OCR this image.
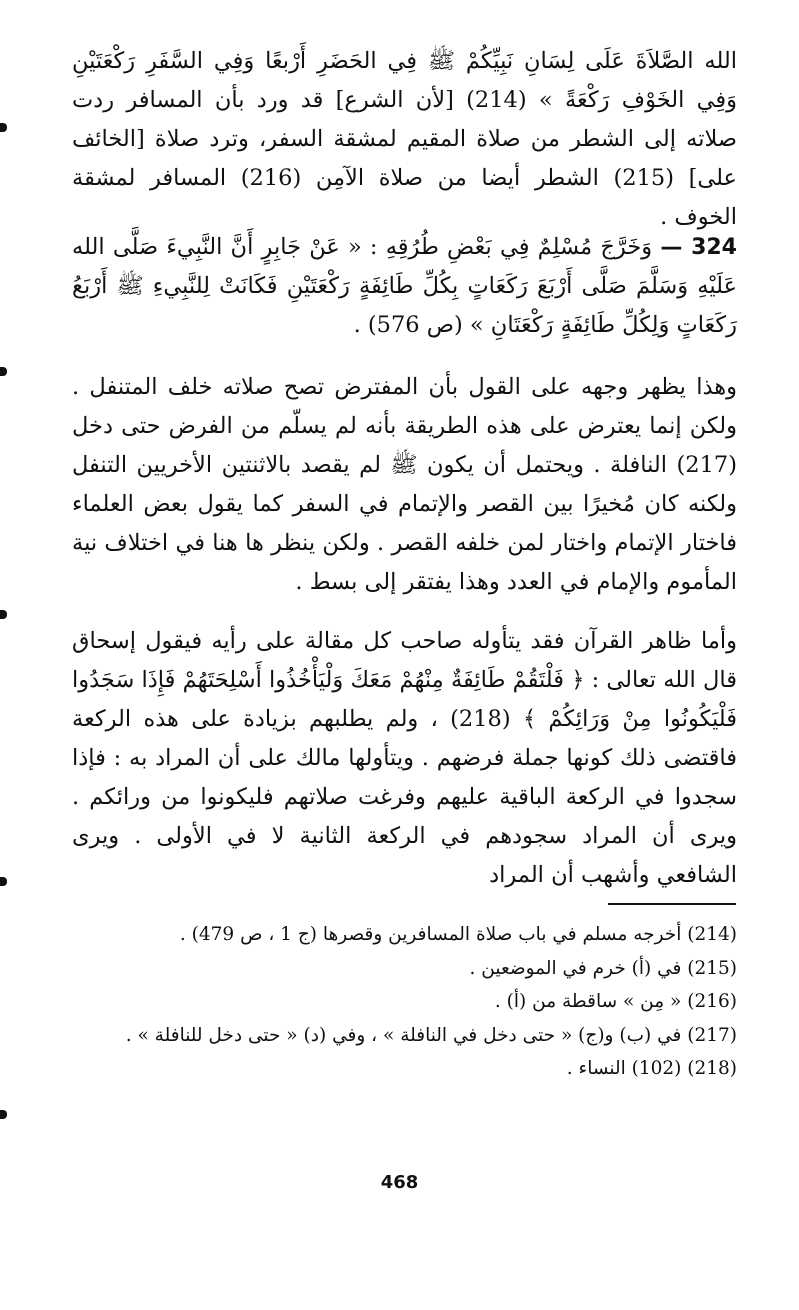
الله الصَّلاَةَ عَلَى لِسَانِ نَبِيِّكُمْ ﷺ فِي الحَضَرِ أَرْبعًا وَفِي السَّفَرِ رَكْعَتَيْنِ وَفِي الخَوْفِ رَكْعَةً » (214) [لأن الشرع] قد ورد بأن المسافر ردت صلاته إلى الشطر من صلاة المقيم لمشقة السفر، وترد صلاة [الخائف على] (215) الشطر أيضا من صلاة الآمِن (216) المسافر لمشقة الخوف .

324 — وَخَرَّجَ مُسْلِمٌ فِي بَعْضِ طُرُقِهِ : « عَنْ جَابِرٍ أَنَّ النَّبِيءَ صَلَّى الله عَلَيْهِ وَسَلَّمَ صَلَّى أَرْبَعَ رَكَعَاتٍ بِكُلِّ طَائِفَةٍ رَكْعَتَيْنِ فَكَانَتْ لِلنَّبِيءِ ﷺ أَرْبَعُ رَكَعَاتٍ وَلِكُلِّ طَائِفَةٍ رَكْعَتَانِ » (ص 576) .

وهذا يظهر وجهه على القول بأن المفترض تصح صلاته خلف المتنفل . ولكن إنما يعترض على هذه الطريقة بأنه لم يسلّم من الفرض حتى دخل (217) النافلة . ويحتمل أن يكون ﷺ لم يقصد بالاثنتين الأخريين التنفل ولكنه كان مُخيرًا بين القصر والإتمام في السفر كما يقول بعض العلماء فاختار الإتمام واختار لمن خلفه القصر . ولكن ينظر ها هنا في اختلاف نية المأموم والإمام في العدد وهذا يفتقر إلى بسط .

وأما ظاهر القرآن فقد يتأوله صاحب كل مقالة على رأيه فيقول إسحاق قال الله تعالى : ﴿ فَلْتَقُمْ طَائِفَةٌ مِنْهُمْ مَعَكَ وَلْيَأْخُذُوا أَسْلِحَتَهُمْ فَإِذَا سَجَدُوا فَلْيَكُونُوا مِنْ وَرَائِكُمْ ﴾ (218) ، ولم يطلبهم بزيادة على هذه الركعة فاقتضى ذلك كونها جملة فرضهم . ويتأولها مالك على أن المراد به : فإذا سجدوا في الركعة الباقية عليهم وفرغت صلاتهم فليكونوا من ورائكم . ويرى أن المراد سجودهم في الركعة الثانية لا في الأولى . ويرى الشافعي وأشهب أن المراد

(214) أخرجه مسلم في باب صلاة المسافرين وقصرها (ج 1 ، ص 479) .
(215) في (أ) خرم في الموضعين .
(216) « مِن » ساقطة من (أ) .
(217) في (ب) و(ج) « حتى دخل في النافلة » ، وفي (د) « حتى دخل للنافلة » .
(218) (102) النساء .
468
